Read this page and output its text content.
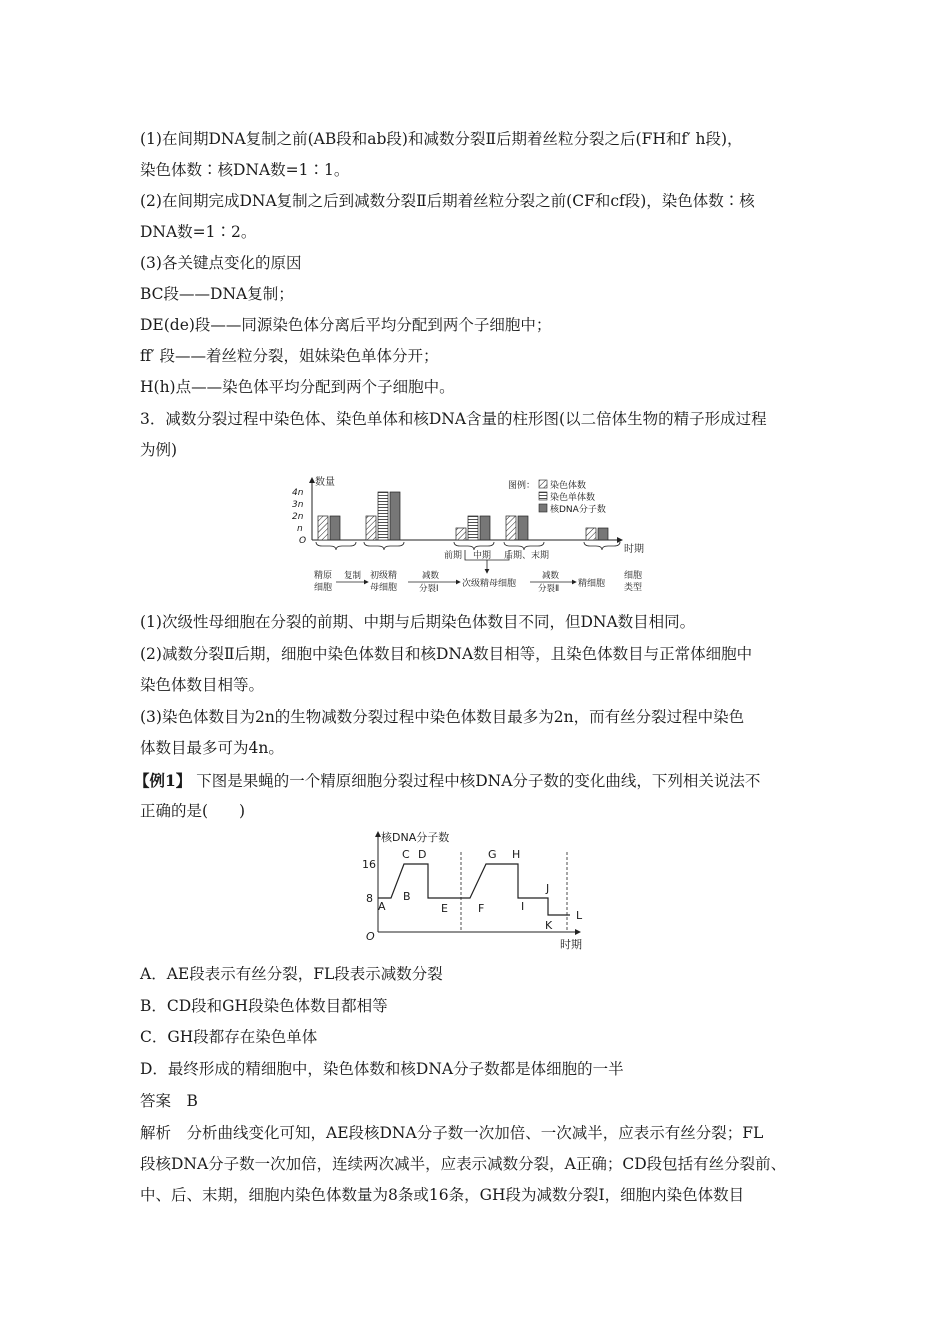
(1)在间期DNA复制之前(AB段和ab段)和减数分裂Ⅱ后期着丝粒分裂之后(FH和f′ h段)，
染色体数∶核DNA数=1∶1。
(2)在间期完成DNA复制之后到减数分裂Ⅱ后期着丝粒分裂之前(CF和cf段)，染色体数∶核
DNA数=1∶2。
(3)各关键点变化的原因
BC段——DNA复制；
DE(de)段——同源染色体分离后平均分配到两个子细胞中；
ff′ 段——着丝粒分裂，姐妹染色单体分开；
H(h)点——染色体平均分配到两个子细胞中。
3．减数分裂过程中染色体、染色单体和核DNA含量的柱形图(以二倍体生物的精子形成过程
为例)
数量
4n
3n
2n
n
O
时期
前期 中期 后期、末期
图例： 染色体数
染色单体数
核DNA分子数
精原
细胞
复制 初级精
母细胞
减数
分裂Ⅰ	次级精母细胞
减数
分裂Ⅱ 精细胞
细胞
类型
(1)次级性母细胞在分裂的前期、中期与后期染色体数目不同，但DNA数目相同。
(2)减数分裂Ⅱ后期，细胞中染色体数目和核DNA数目相等，且染色体数目与正常体细胞中
染色体数目相等。
(3)染色体数目为2n的生物减数分裂过程中染色体数目最多为2n，而有丝分裂过程中染色
体数目最多可为4n。
【例1】 下图是果蝇的一个精原细胞分裂过程中核DNA分子数的变化曲线，下列相关说法不
正确的是(　　)
核DNA分子数
时期
O
16
8
A
B
C D
E	F
G H
I
J
K
L
A．AE段表示有丝分裂，FL段表示减数分裂
B．CD段和GH段染色体数目都相等
C．GH段都存在染色单体
D．最终形成的精细胞中，染色体数和核DNA分子数都是体细胞的一半
答案　B
解析　分析曲线变化可知，AE段核DNA分子数一次加倍、一次减半，应表示有丝分裂；FL
段核DNA分子数一次加倍，连续两次减半，应表示减数分裂，A正确；CD段包括有丝分裂前、
中、后、末期，细胞内染色体数量为8条或16条，GH段为减数分裂Ⅰ，细胞内染色体数目
